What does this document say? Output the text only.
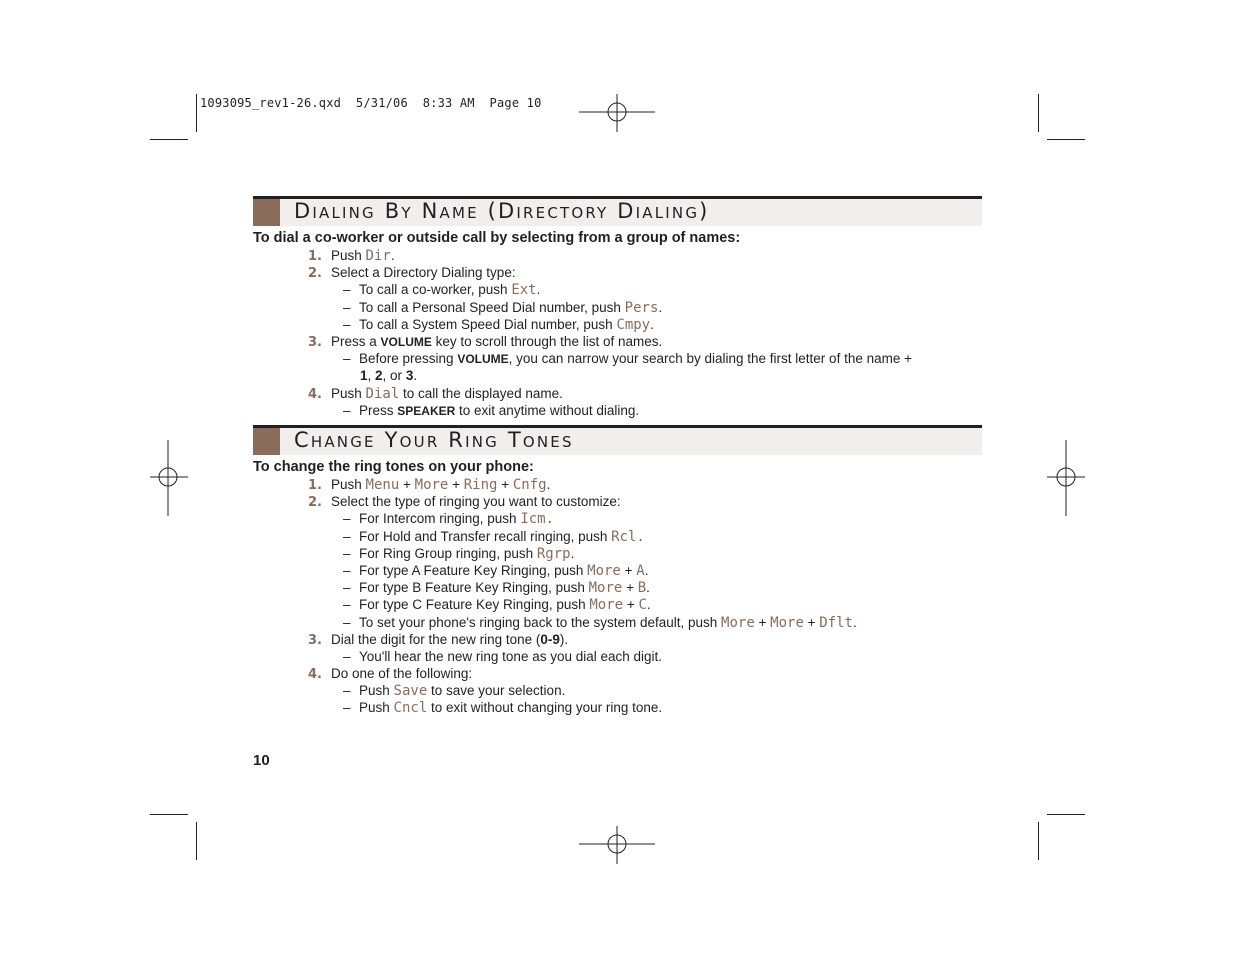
1093095_rev1-26.qxd  5/31/06  8:33 AM  Page 10
Dialing By Name (Directory Dialing)

To dial a co-worker or outside call by selecting from a group of names:

1. Push Dir.
2. Select a Directory Dialing type:
– To call a co-worker, push Ext.
– To call a Personal Speed Dial number, push Pers.
– To call a System Speed Dial number, push Cmpy.
3. Press a VOLUME key to scroll through the list of names.
– Before pressing VOLUME, you can narrow your search by dialing the first letter of the name +
1, 2, or 3.
4. Push Dial to call the displayed name.
– Press SPEAKER to exit anytime without dialing.
Change Your Ring Tones

To change the ring tones on your phone:

1. Push Menu + More + Ring + Cnfg.
2. Select the type of ringing you want to customize:
– For Intercom ringing, push Icm.
– For Hold and Transfer recall ringing, push Rcl.
– For Ring Group ringing, push Rgrp.
– For type A Feature Key Ringing, push More + A.
– For type B Feature Key Ringing, push More + B.
– For type C Feature Key Ringing, push More + C.
– To set your phone's ringing back to the system default, push More + More + Dflt.
3. Dial the digit for the new ring tone (0-9).
– You'll hear the new ring tone as you dial each digit.
4. Do one of the following:
– Push Save to save your selection.
– Push Cncl to exit without changing your ring tone.
10
